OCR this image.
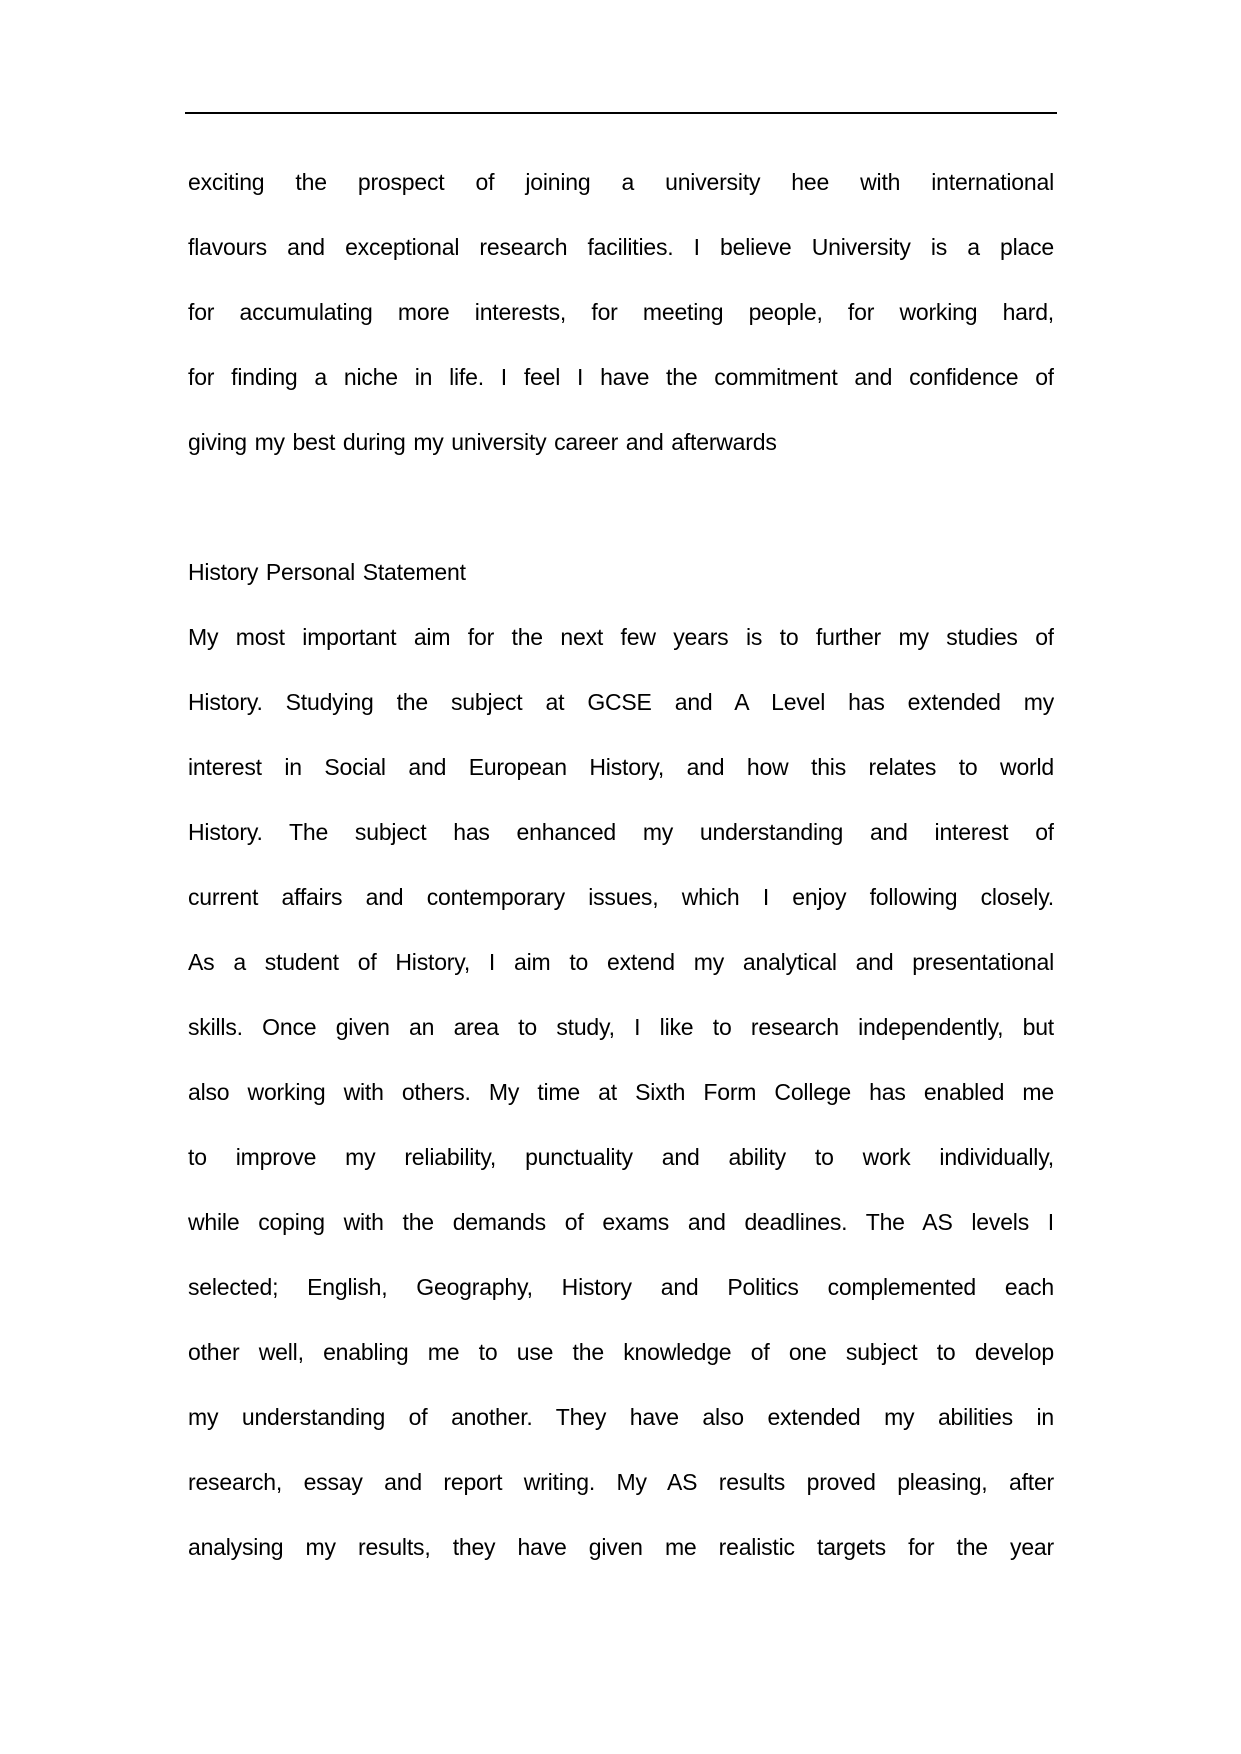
exciting the prospect of joining a university hee with international
flavours and exceptional research facilities. I believe University is a place
for accumulating more interests, for meeting people, for working hard,
for finding a niche in life. I feel I have the commitment and confidence of
giving my best during my university career and afterwards
History Personal Statement
My most important aim for the next few years is to further my studies of
History. Studying the subject at GCSE and A Level has extended my
interest in Social and European History, and how this relates to world
History. The subject has enhanced my understanding and interest of
current affairs and contemporary issues, which I enjoy following closely.
As a student of History, I aim to extend my analytical and presentational
skills. Once given an area to study, I like to research independently, but
also working with others. My time at Sixth Form College has enabled me
to improve my reliability, punctuality and ability to work individually,
while coping with the demands of exams and deadlines. The AS levels I
selected; English, Geography, History and Politics complemented each
other well, enabling me to use the knowledge of one subject to develop
my understanding of another. They have also extended my abilities in
research, essay and report writing. My AS results proved pleasing, after
analysing my results, they have given me realistic targets for the year
